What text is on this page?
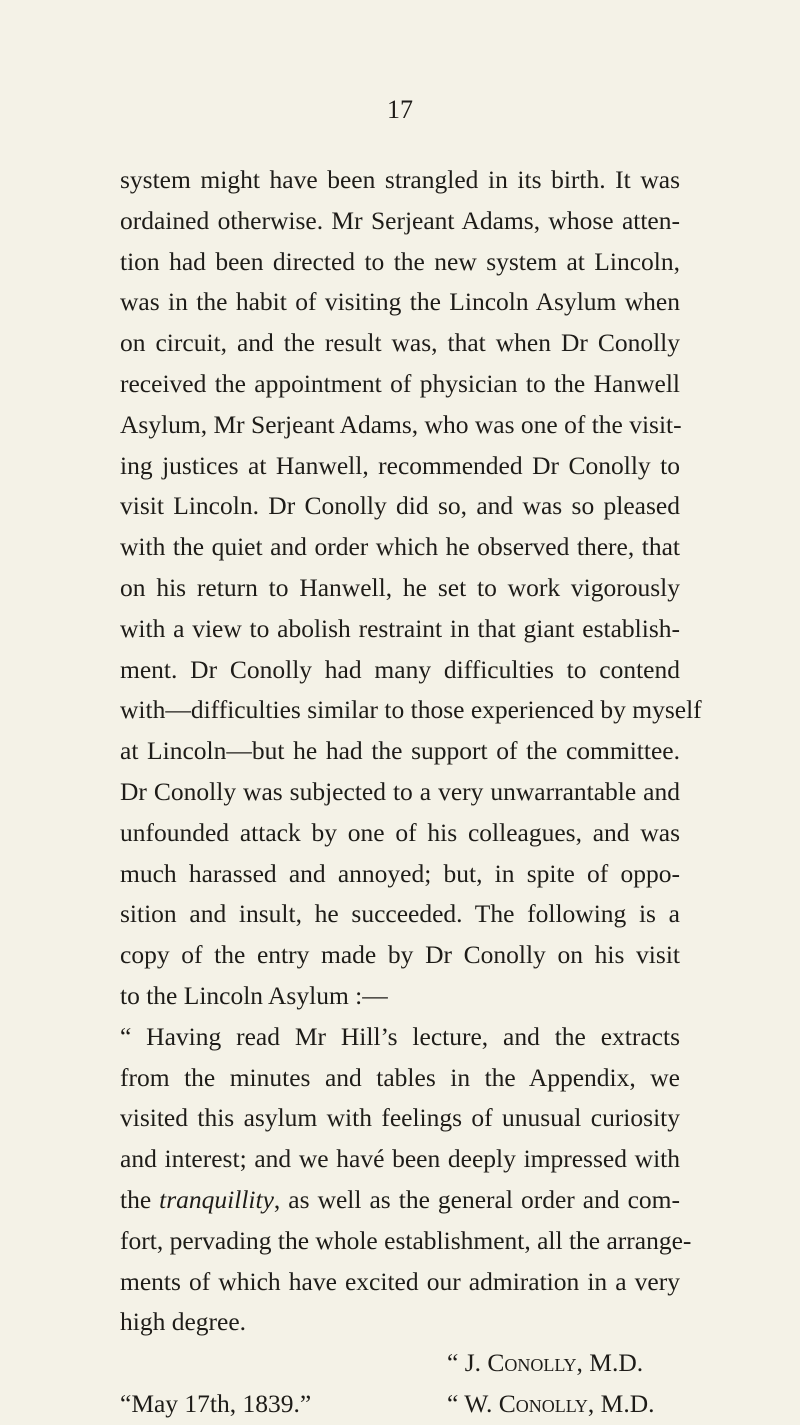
17
system might have been strangled in its birth. It was
ordained otherwise. Mr Serjeant Adams, whose atten-
tion had been directed to the new system at Lincoln,
was in the habit of visiting the Lincoln Asylum when
on circuit, and the result was, that when Dr Conolly
received the appointment of physician to the Hanwell
Asylum, Mr Serjeant Adams, who was one of the visit-
ing justices at Hanwell, recommended Dr Conolly to
visit Lincoln. Dr Conolly did so, and was so pleased
with the quiet and order which he observed there, that
on his return to Hanwell, he set to work vigorously
with a view to abolish restraint in that giant establish-
ment. Dr Conolly had many difficulties to contend
with—difficulties similar to those experienced by myself
at Lincoln—but he had the support of the committee.
Dr Conolly was subjected to a very unwarrantable and
unfounded attack by one of his colleagues, and was
much harassed and annoyed; but, in spite of oppo-
sition and insult, he succeeded. The following is a
copy of the entry made by Dr Conolly on his visit
to the Lincoln Asylum :—
“ Having read Mr Hill’s lecture, and the extracts
from the minutes and tables in the Appendix, we
visited this asylum with feelings of unusual curiosity
and interest; and we havé been deeply impressed with
the tranquillity, as well as the general order and com-
fort, pervading the whole establishment, all the arrange-
ments of which have excited our admiration in a very
high degree.
“ J. Conolly, M.D.
“May 17th, 1839.”	“ W. Conolly, M.D.
